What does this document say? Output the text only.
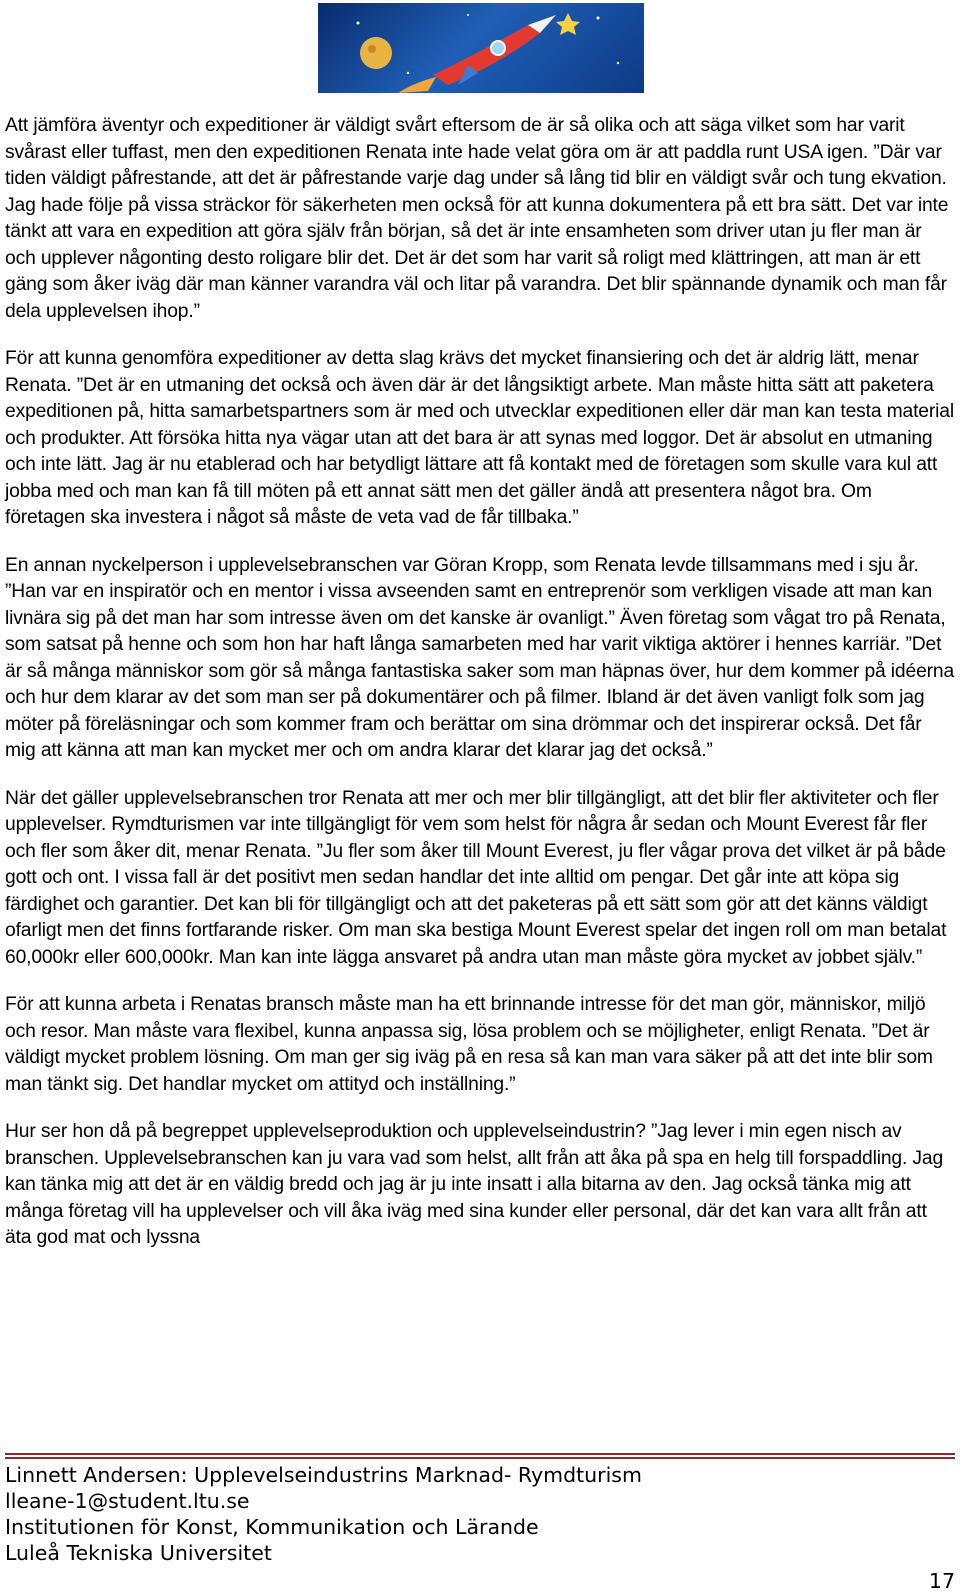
Att jämföra äventyr och expeditioner är väldigt svårt eftersom de är så olika och att säga vilket som har varit svårast eller tuffast, men den expeditionen Renata inte hade velat göra om är att paddla runt USA igen. ”Där var tiden väldigt påfrestande, att det är påfrestande varje dag under så lång tid blir en väldigt svår och tung ekvation. Jag hade följe på vissa sträckor för säkerheten men också för att kunna dokumentera på ett bra sätt. Det var inte tänkt att vara en expedition att göra själv från början, så det är inte ensamheten som driver utan ju fler man är och upplever någonting desto roligare blir det. Det är det som har varit så roligt med klättringen, att man är ett gäng som åker iväg där man känner varandra väl och litar på varandra. Det blir spännande dynamik och man får dela upplevelsen ihop.”

För att kunna genomföra expeditioner av detta slag krävs det mycket finansiering och det är aldrig lätt, menar Renata. ”Det är en utmaning det också och även där är det långsiktigt arbete. Man måste hitta sätt att paketera expeditionen på, hitta samarbetspartners som är med och utvecklar expeditionen eller där man kan testa material och produkter. Att försöka hitta nya vägar utan att det bara är att synas med loggor. Det är absolut en utmaning och inte lätt. Jag är nu etablerad och har betydligt lättare att få kontakt med de företagen som skulle vara kul att jobba med och man kan få till möten på ett annat sätt men det gäller ändå att presentera något bra. Om företagen ska investera i något så måste de veta vad de får tillbaka.”

En annan nyckelperson i upplevelsebranschen var Göran Kropp, som Renata levde tillsammans med i sju år. ”Han var en inspiratör och en mentor i vissa avseenden samt en entreprenör som verkligen visade att man kan livnära sig på det man har som intresse även om det kanske är ovanligt.” Även företag som vågat tro på Renata, som satsat på henne och som hon har haft långa samarbeten med har varit viktiga aktörer i hennes karriär. ”Det är så många människor som gör så många fantastiska saker som man häpnas över, hur dem kommer på idéerna och hur dem klarar av det som man ser på dokumentärer och på filmer. Ibland är det även vanligt folk som jag möter på föreläsningar och som kommer fram och berättar om sina drömmar och det inspirerar också. Det får mig att känna att man kan mycket mer och om andra klarar det klarar jag det också.”

När det gäller upplevelsebranschen tror Renata att mer och mer blir tillgängligt, att det blir fler aktiviteter och fler upplevelser. Rymdturismen var inte tillgängligt för vem som helst för några år sedan och Mount Everest får fler och fler som åker dit, menar Renata. ”Ju fler som åker till Mount Everest, ju fler vågar prova det vilket är på både gott och ont. I vissa fall är det positivt men sedan handlar det inte alltid om pengar. Det går inte att köpa sig färdighet och garantier. Det kan bli för tillgängligt och att det paketeras på ett sätt som gör att det känns väldigt ofarligt men det finns fortfarande risker. Om man ska bestiga Mount Everest spelar det ingen roll om man betalat 60,000kr eller 600,000kr. Man kan inte lägga ansvaret på andra utan man måste göra mycket av jobbet själv.”

För att kunna arbeta i Renatas bransch måste man ha ett brinnande intresse för det man gör, människor, miljö och resor. Man måste vara flexibel, kunna anpassa sig, lösa problem och se möjligheter, enligt Renata. ”Det är väldigt mycket problem lösning. Om man ger sig iväg på en resa så kan man vara säker på att det inte blir som man tänkt sig. Det handlar mycket om attityd och inställning.”

Hur ser hon då på begreppet upplevelseproduktion och upplevelseindustrin? ”Jag lever i min egen nisch av branschen. Upplevelsebranschen kan ju vara vad som helst, allt från att åka på spa en helg till forspaddling. Jag kan tänka mig att det är en väldig bredd och jag är ju inte insatt i alla bitarna av den. Jag också tänka mig att många företag vill ha upplevelser och vill åka iväg med sina kunder eller personal, där det kan vara allt från att äta god mat och lyssna

Linnett Andersen: Upplevelseindustrins Marknad- Rymdturism
lleane-1@student.ltu.se
Institutionen för Konst, Kommunikation och Lärande
Luleå Tekniska Universitet
17
